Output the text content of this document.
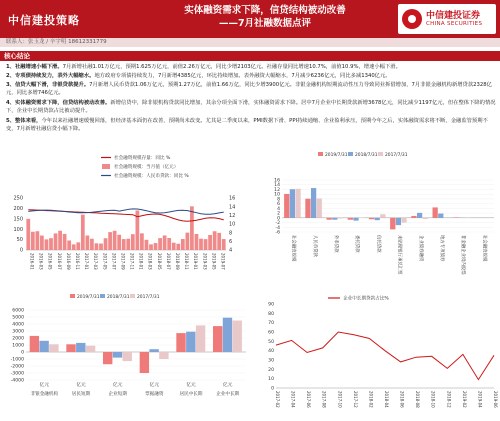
中信建投策略
实体融资需求下降，信贷结构被动改善
——7月社融数据点评
中信建投证券
CHINA SECURITIES
联系人：张玉龙 / 辛宇明 18612331779
核心结论
1、社融增速小幅下滑。7月新增社融1.01万亿元，预期1.625万亿元，前值2.26万亿元，同比少增2103亿元。社融存量同比增速10.7%，前值10.9%，增速小幅下滑。
2、专项债持续发力，表外大幅缩水。地方政府专项债持续发力，7月新增4385亿元，环比持续增加。表外融资大幅缩水，7月减少6236亿元，同比多减1340亿元。
3、信贷大幅下滑，非银贷款提升。7月新增人民币贷款1.06万亿元，预期1.27万亿，前值1.66万亿，同比少增3900亿元。非银金融机构短期流动性压力导致同业拆借增加，7月非银金融机构新增贷款2328亿元，同比多增746亿元。
4、实体融资需求下降，信贷结构被动改善。新增信贷中，除非银机构贷款同比增加，其余分项全面下滑，实体融资需求下降。居中7月企业中长期贷款新增3678亿元，同比减少1197亿元，但在整体下降的情况下，企业中长期贷款占比被动提升。
5、整体来看，今年以来社融增速缓慢回落，但经济基本面仍在改善，预期尚未改变。尤其是二季度以来，PMI数据下滑、PPI持续通缩、企业盈利承压，预期今年之后，实体融资需求将不断，金融监管预期不变，7月新增社融信贷小幅下降。
社会融资规模存量：同比 %
社会融资规模：当月值（亿元）
社会融资规模：人民币贷款：同比 %
250
200
150
100
50
0
16
14
12
10
8
6
4
2016-01 2016-03 2016-05 2016-07 2016-09 2016-11 2017-01 2017-03 2017-05 2017-07 2017-09 2017-11 2018-01 2018-03 2018-05 2018-07 2018-09 2018-11 2019-01 2019-03 2019-05 2019-07
2019/7/31 2018/7/31 2017/7/31
16
14
12
10
8
6
4
2
0
-2
-4
-6
社会融资规模	人民币贷款	外币贷款	委托贷款	信托贷款	未贴现银行承兑汇票	企业债券融资	地方专项债券	非金融企业境内股票融资	社会融资规模
2019/7/31 2018/7/31 2017/7/31
6000
5000
4000
3000
2000
1000
0
-1000
-2000
-3000
-4000
亿元
非银金融机构
亿元
居民短期
亿元
企业短期
亿元
票据融资
亿元
居民中长期
亿元
企业中长期
90
80
70
60
50
40
30
20
10
0
企业中长期贷款占比%
2017-02	2017-04	2017-06	2017-08	2017-10	2017-12	2018-02	2018-04	2018-06	2018-08	2018-10	2018-12	2019-02	2019-04	2019-06
